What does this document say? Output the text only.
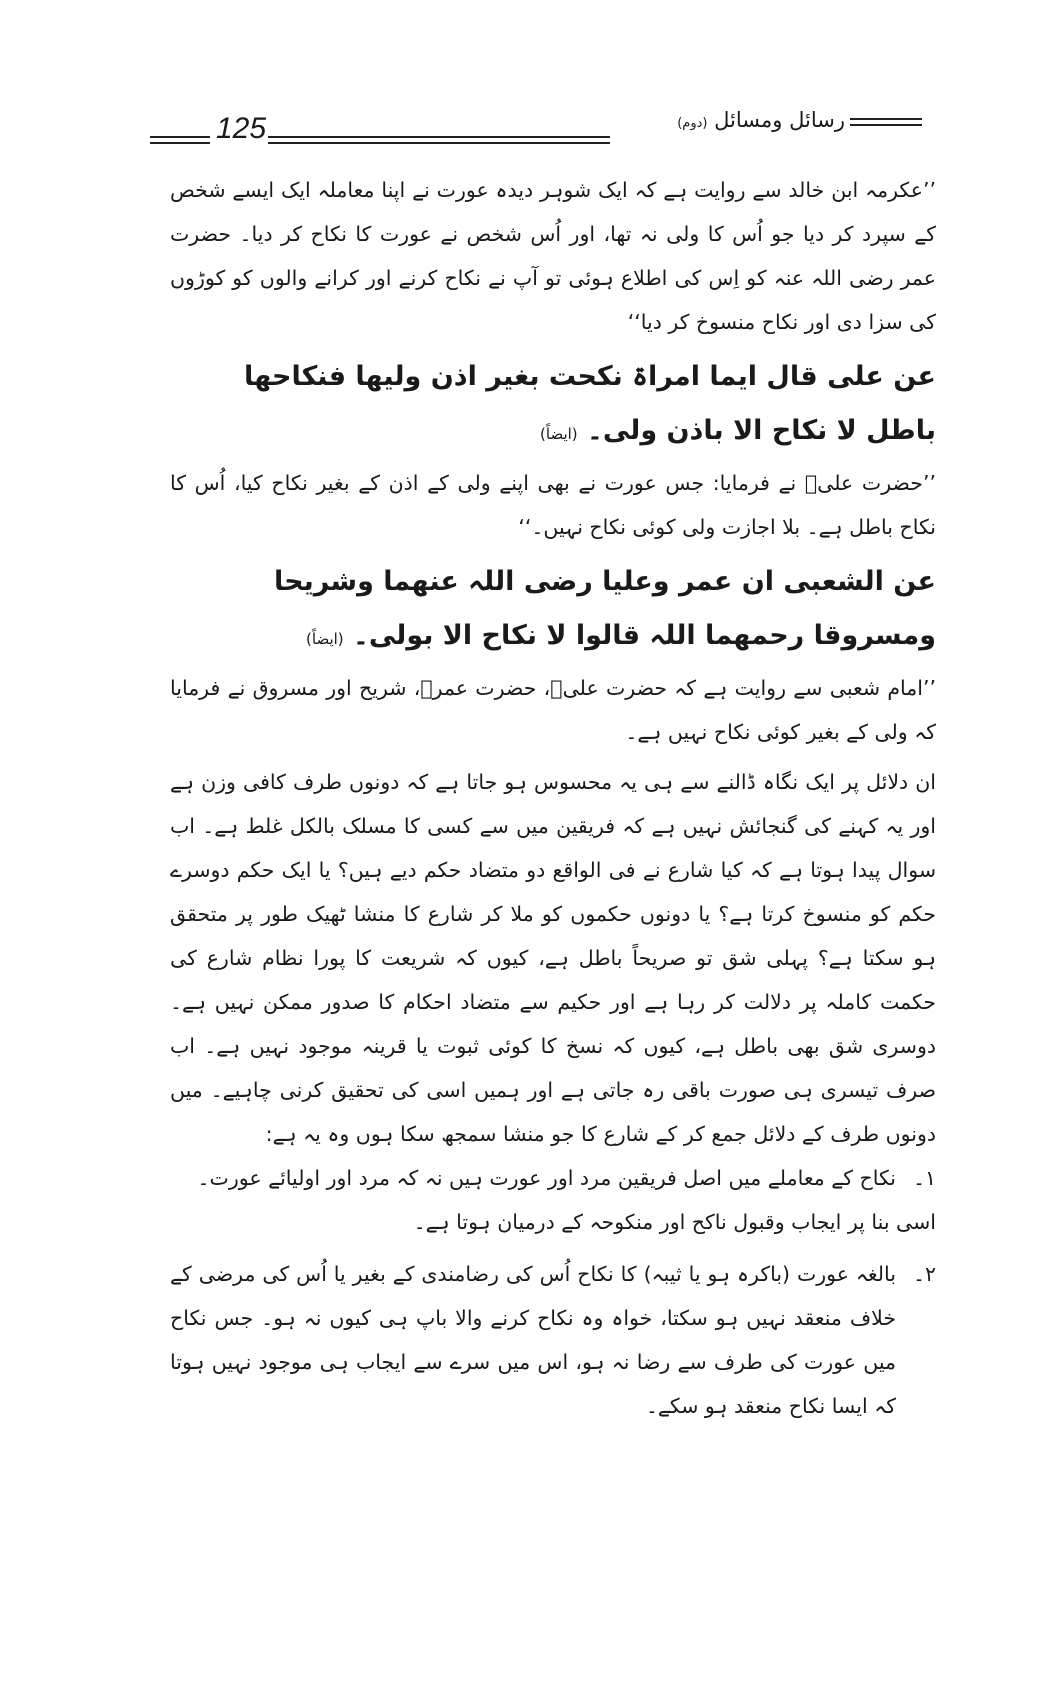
125	رسائل ومسائل (دوم)

’’عکرمہ ابن خالد سے روایت ہے کہ ایک شوہر دیدہ عورت نے اپنا معاملہ ایک ایسے شخص کے سپرد کر دیا جو اُس کا ولی نہ تھا، اور اُس شخص نے عورت کا نکاح کر دیا۔ حضرت عمر رضی اللہ عنہ کو اِس کی اطلاع ہوئی تو آپ نے نکاح کرنے اور کرانے والوں کو کوڑوں کی سزا دی اور نکاح منسوخ کر دیا‘‘

عن علی قال ایما امراۃ نکحت بغیر اذن ولیھا فنکاحھا باطل لا نکاح الا باذن ولی۔ (ایضاً)

’’حضرت علیؓ نے فرمایا: جس عورت نے بھی اپنے ولی کے اذن کے بغیر نکاح کیا، اُس کا نکاح باطل ہے۔ بلا اجازت ولی کوئی نکاح نہیں۔‘‘

عن الشعبی ان عمر وعلیا رضی اللہ عنھما وشریحا ومسروقا رحمھما اللہ قالوا لا نکاح الا بولی۔ (ایضاً)

’’امام شعبی سے روایت ہے کہ حضرت علیؓ، حضرت عمرؓ، شریح اور مسروق نے فرمایا کہ ولی کے بغیر کوئی نکاح نہیں ہے۔

ان دلائل پر ایک نگاہ ڈالنے سے ہی یہ محسوس ہو جاتا ہے کہ دونوں طرف کافی وزن ہے اور یہ کہنے کی گنجائش نہیں ہے کہ فریقین میں سے کسی کا مسلک بالکل غلط ہے۔ اب سوال پیدا ہوتا ہے کہ کیا شارع نے فی الواقع دو متضاد حکم دیے ہیں؟ یا ایک حکم دوسرے حکم کو منسوخ کرتا ہے؟ یا دونوں حکموں کو ملا کر شارع کا منشا ٹھیک طور پر متحقق ہو سکتا ہے؟ پہلی شق تو صریحاً باطل ہے، کیوں کہ شریعت کا پورا نظام شارع کی حکمت کاملہ پر دلالت کر رہا ہے اور حکیم سے متضاد احکام کا صدور ممکن نہیں ہے۔ دوسری شق بھی باطل ہے، کیوں کہ نسخ کا کوئی ثبوت یا قرینہ موجود نہیں ہے۔ اب صرف تیسری ہی صورت باقی رہ جاتی ہے اور ہمیں اسی کی تحقیق کرنی چاہیے۔ میں دونوں طرف کے دلائل جمع کر کے شارع کا جو منشا سمجھ سکا ہوں وہ یہ ہے:

۱۔
نکاح کے معاملے میں اصل فریقین مرد اور عورت ہیں نہ کہ مرد اور اولیائے عورت۔

اسی بنا پر ایجاب وقبول ناکح اور منکوحہ کے درمیان ہوتا ہے۔

۲۔
بالغہ عورت (باکرہ ہو یا ثیبہ) کا نکاح اُس کی رضامندی کے بغیر یا اُس کی مرضی کے خلاف منعقد نہیں ہو سکتا، خواہ وہ نکاح کرنے والا باپ ہی کیوں نہ ہو۔ جس نکاح میں عورت کی طرف سے رضا نہ ہو، اس میں سرے سے ایجاب ہی موجود نہیں ہوتا کہ ایسا نکاح منعقد ہو سکے۔
